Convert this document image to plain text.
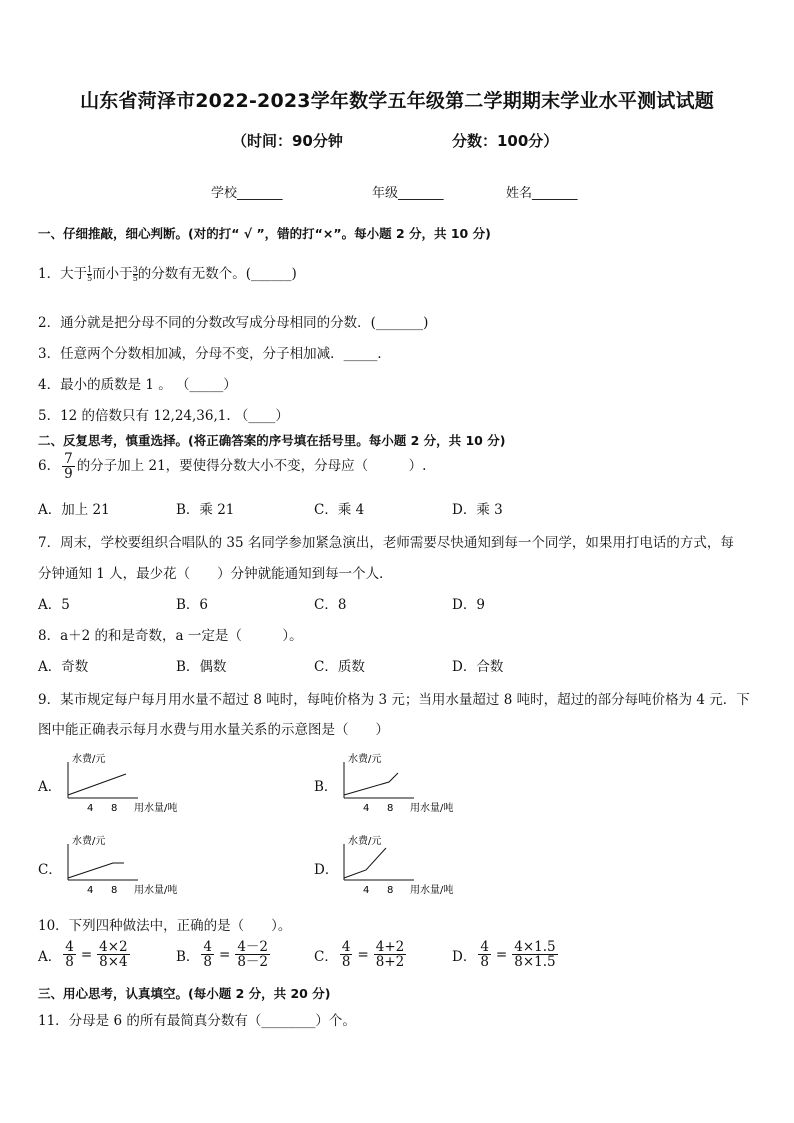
山东省菏泽市2022-2023学年数学五年级第二学期期末学业水平测试试题
（时间：90分钟	分数：100分）
学校_______	年级_______	姓名_______
一、仔细推敲，细心判断。(对的打“ √ ”，错的打“×”。每小题 2 分，共 10 分)
1．大于 $\frac{1}{5}$ 而小于 $\frac{3}{5}$ 的分数有无数个。(______)
2．通分就是把分母不同的分数改写成分母相同的分数．(_______)
3．任意两个分数相加减，分母不变，分子相加减．_____．
4．最小的质数是 1 。 （_____）
5．12 的倍数只有 12,24,36,1. （____）
二、反复思考，慎重选择。(将正确答案的序号填在括号里。每小题 2 分，共 10 分)
6． $\frac{7}{9}$ 的分子加上 21，要使得分数大小不变，分母应（　　　）.
A．加上 21	B．乘 21	C．乘 4	D．乘 3
7．周末，学校要组织合唱队的 35 名同学参加紧急演出，老师需要尽快通知到每一个同学，如果用打电话的方式，每
分钟通知 1 人，最少花（　　）分钟就能通知到每一个人．
A．5	B．6	C．8	D．9
8．a＋2 的和是奇数，a 一定是（　　　）。
A．奇数	B．偶数	C．质数	D．合数
9．某市规定每户每月用水量不超过 8 吨时，每吨价格为 3 元；当用水量超过 8 吨时，超过的部分每吨价格为 4 元．下
图中能正确表示每月水费与用水量关系的示意图是（　　）
A．	B．
C．	D．
水费/元
4 8 用水量/吨
水费/元
4 8 用水量/吨
水费/元
4 8 用水量/吨
水费/元
4 8 用水量/吨
10．下列四种做法中，正确的是（　　）。
A． $\frac{4}{8} = \frac{4\times 2}{8\times 4}$	B． $\frac{4}{8} = \frac{4-2}{8-2}$	C． $\frac{4}{8} = \frac{4+2}{8+2}$	D． $\frac{4}{8} = \frac{4\times 1.5}{8\times 1.5}$
三、用心思考，认真填空。(每小题 2 分，共 20 分)
11．分母是 6 的所有最简真分数有（________）个。
